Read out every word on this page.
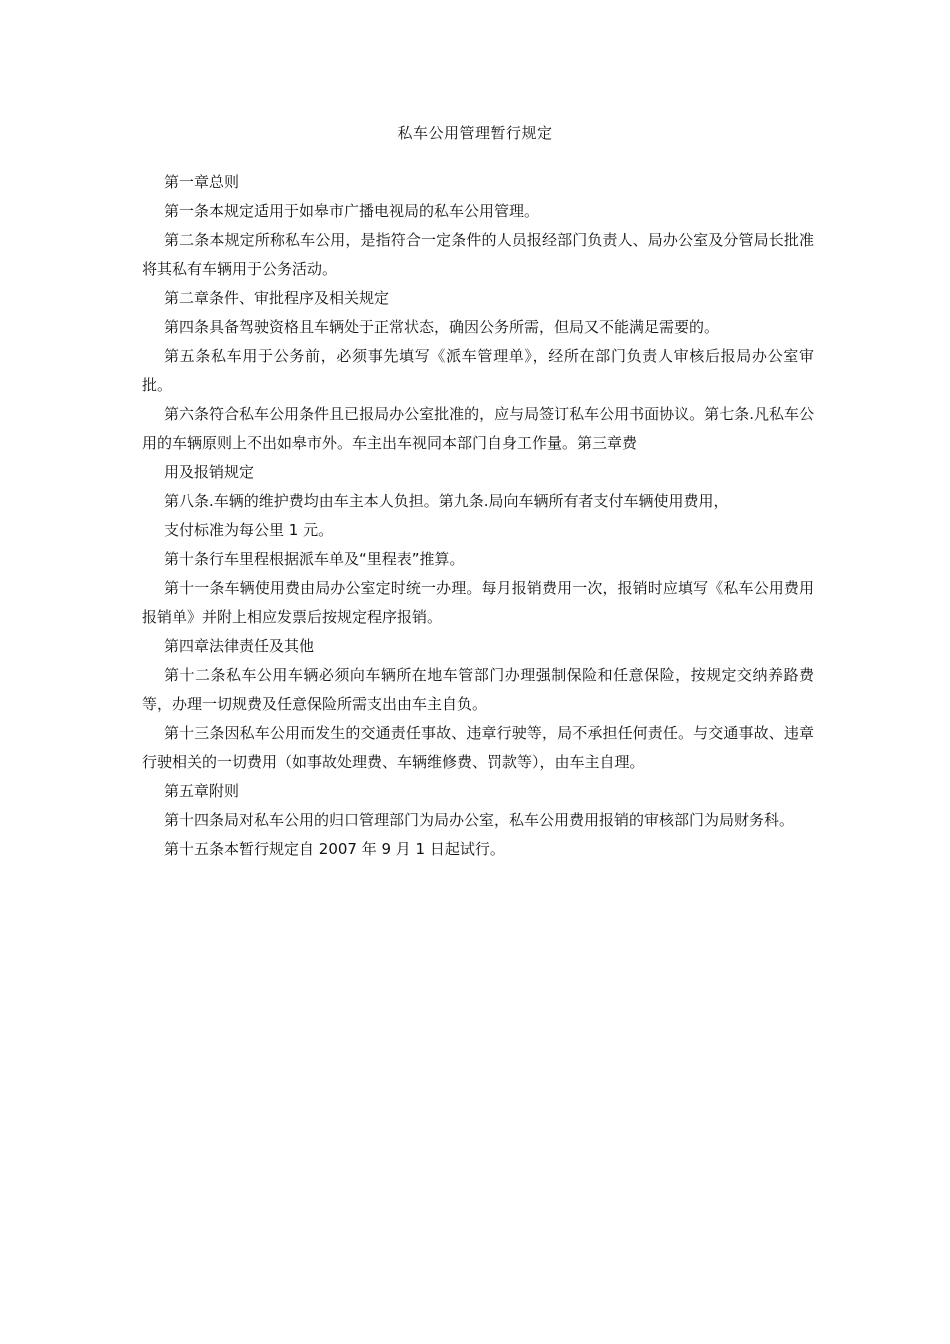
私车公用管理暂行规定

第一章总则

第一条本规定适用于如皋市广播电视局的私车公用管理。

第二条本规定所称私车公用，是指符合一定条件的人员报经部门负责人、局办公室及分管局长批准将其私有车辆用于公务活动。

第二章条件、审批程序及相关规定

第四条具备驾驶资格且车辆处于正常状态，确因公务所需，但局又不能满足需要的。

第五条私车用于公务前，必须事先填写《派车管理单》，经所在部门负责人审核后报局办公室审批。

第六条符合私车公用条件且已报局办公室批准的，应与局签订私车公用书面协议。第七条.凡私车公用的车辆原则上不出如皋市外。车主出车视同本部门自身工作量。第三章费

用及报销规定

第八条.车辆的维护费均由车主本人负担。第九条.局向车辆所有者支付车辆使用费用，

支付标准为每公里 1 元。

第十条行车里程根据派车单及“里程表”推算。

第十一条车辆使用费由局办公室定时统一办理。每月报销费用一次，报销时应填写《私车公用费用报销单》并附上相应发票后按规定程序报销。

第四章法律责任及其他

第十二条私车公用车辆必须向车辆所在地车管部门办理强制保险和任意保险，按规定交纳养路费等，办理一切规费及任意保险所需支出由车主自负。

第十三条因私车公用而发生的交通责任事故、违章行驶等，局不承担任何责任。与交通事故、违章行驶相关的一切费用（如事故处理费、车辆维修费、罚款等），由车主自理。

第五章附则

第十四条局对私车公用的归口管理部门为局办公室，私车公用费用报销的审核部门为局财务科。

第十五条本暂行规定自 2007 年 9 月 1 日起试行。
